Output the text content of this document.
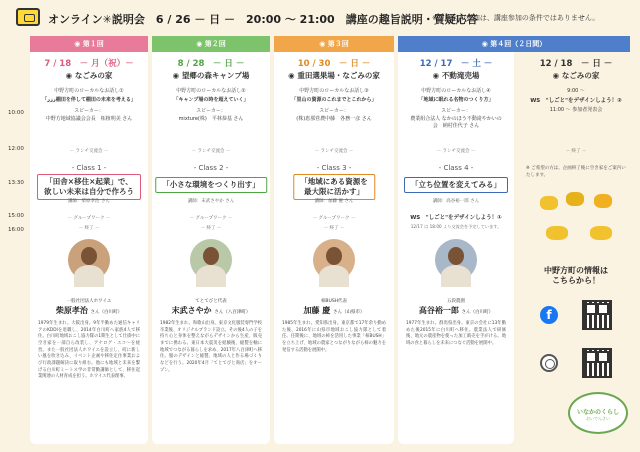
オンライン✳説明会　6 / 26 － 日 －　20:00 ～ 21:00　講座の趣旨説明・質疑応答
※説明会の参加は、講座参加の条件ではありません。
10:00
12:00
13:30
15:00
16:00
◉ 第１回
7 / 18　－ 月（祝）－
◉ なごみの家
中野方町のローカルなお話し①
「ززز棚田を伴して棚田の未来を考える」
スピーカー：
中野方地域協議会会長　柘植明美 さん
－ ランチ交流会 －
- Class 1 -
「田舎×移住×起業」で、
欲しい未来は自分で作ろう
講師：柴原孝治 さん
－ グループワーク －
－ 終了 －
一般社団法人ホワイエ
柴原孝治 さん（白川町）
1979年生まれ。大阪出身。9年半勤めた通信キャリアのKDDIを退職し、2014年白川町へ家族4人で移住。白川町地域おこし協力隊の1期生として仕掛中に空き家を一部自ら改装し、アナログ・エコ〜を経営。また一般社団法人ホワイエを設立し、町に新しい風を吹き込み、イベント企画や移住定住事業および行政課題解決に取り組む。他にも地域と未来を繋げる白川町ミートス学の非常勤講師として、移住起業関連の人材育成を担う。ホワイエ代表理事。
◉ 第２回
8 / 28　－ 日 －
◉ 望郷の森キャンプ場
中野方町のローカルなお話し②
「キャンプ場の時を超えていく」
スピーカー：
mixture(株)　平林恭基 さん
－ ランチ交流会 －
- Class 2 -
「小さな環境をつくり出す」
講師：末武さやか さん
－ グループワーク －
－ 終了 －
てとてびと代表
末武さやか さん（八百津町）
1982年生まれ。和歌山出身。東京文化服装専門学校卒業後、オリジナルブランド設立。その後4人の子を持ち心と身体を整えながらデザインから生産、販売までに携わる。東日本大震災を経験後、縫製を軸に地域でつながる暮らしを求め、2017年八百津町へ移住。服のデザインと縫製、地域の人と作る場づくりなどを行う。2020年4月「てとてびと商店」をオープン。
◉ 第３回
10 / 30　－ 日 －
◉ 重田選果場・なごみの家
中野方町のローカルなお話し③
「里山の資源のこれまでとこれから」
スピーカー：
(株)恵那営農中藤　各務一彦 さん
－ ランチ交流会 －
- Class 3 -
「地域にある資源を
最大限に活かす」
講師：加藤 慶 さん
－ グループワーク －
－ 終了 －
柿BUSH代表
加藤 慶 さん（山県市）
1985年生まれ。愛知県出身。東京都で17年余り勤めた後、2016年に山県市地域おこし協力隊として着任。任期後に、地域の柿を活用した事業「柿BUSH」を立ち上げ、地域の農家とつながりながら柿の魅力を発信する活動を展開中。
◉ 第４回（２日間）
12 / 17　－ 土 －
◉ 不動滝売場
中野方町のローカルなお話し④
「地域に眠れる名物のつくり方」
スピーカー：
農業組合法人 なかのほう不動滝やかいの会　納村佳代子 さん
－ ランチ交流会 －
- Class 4 -
「立ち位置を変えてみる」
講師：高谷裕一郎 さん
WS　"しごと"をデザインしよう！①
12/17 は 18:00 より交流会を予定しています。
五段農園
高谷裕一郎 さん（白川町）
1977年生まれ。群馬県出身。東京の会社に13年勤めた後2015年に白川町へ移住。農業法人で研修後、地元の農産物を使った加工販売を手がける。地域の食と暮らしを未来につなぐ活動を展開中。
12 / 18　－ 日 －
◉ なごみの家
9:00 ～
WS　"しごと"をデザインしよう！②
11:00 ～ 参加者発表会
－ 終了 －
※ ご希望の方は、企画終了後に空き家をご案内いたします。
中野方町の情報は
こちらから！
f
いなかのくらし
おいでんさい
